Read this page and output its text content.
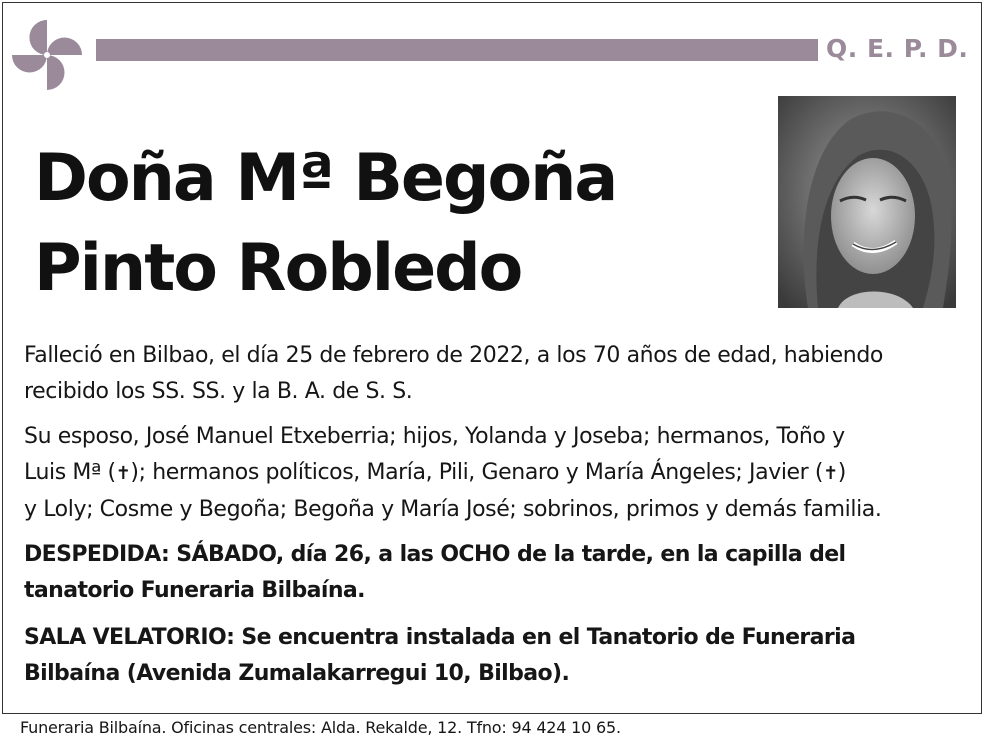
Q. E. P. D.
Doña Mª Begoña
Pinto Robledo
Falleció en Bilbao, el día 25 de febrero de 2022, a los 70 años de edad, habiendo
recibido los SS. SS. y la B. A. de S. S.
Su esposo, José Manuel Etxeberria; hijos, Yolanda y Joseba; hermanos, Toño y
Luis Mª (✝); hermanos políticos, María, Pili, Genaro y María Ángeles; Javier (✝)
y Loly; Cosme y Begoña; Begoña y María José; sobrinos, primos y demás familia.
DESPEDIDA: SÁBADO, día 26, a las OCHO de la tarde, en la capilla del
tanatorio Funeraria Bilbaína.
SALA VELATORIO: Se encuentra instalada en el Tanatorio de Funeraria
Bilbaína (Avenida Zumalakarregui 10, Bilbao).
Funeraria Bilbaína. Oficinas centrales: Alda. Rekalde, 12. Tfno: 94 424 10 65.
